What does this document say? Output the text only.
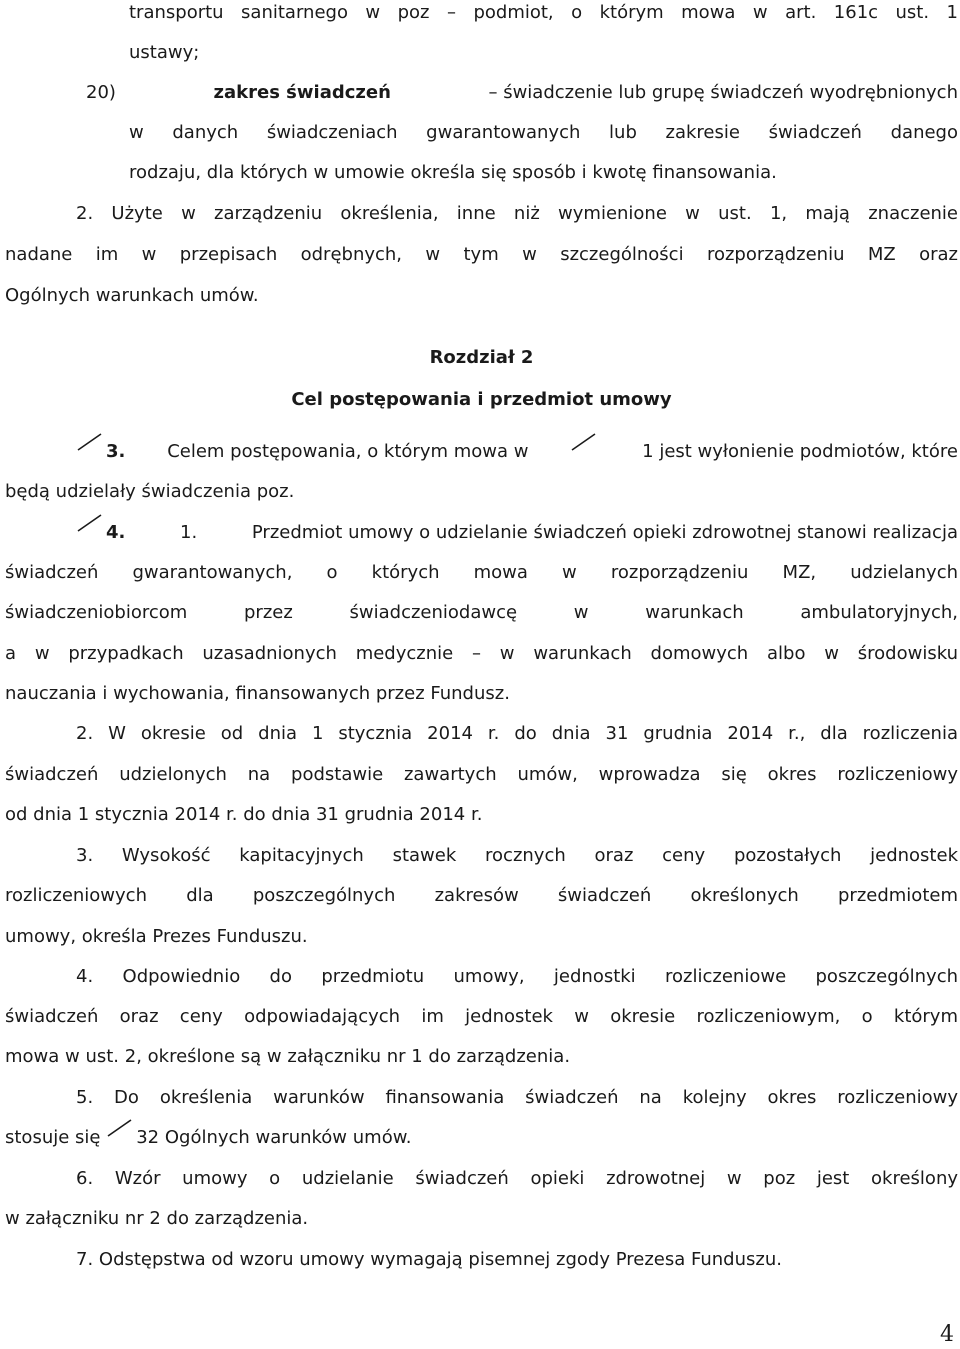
transportu sanitarnego w poz – podmiot, o którym mowa w art. 161c ust. 1
ustawy;
20)	zakres świadczeń	– świadczenie lub grupę świadczeń wyodrębnionych
w danych świadczeniach gwarantowanych lub zakresie świadczeń danego
rodzaju, dla których w umowie określa się sposób i kwotę finansowania.
2. Użyte w zarządzeniu określenia, inne niż wymienione w ust. 1, mają znaczenie
nadane im w przepisach odrębnych, w tym w szczególności rozporządzeniu MZ oraz
Ogólnych warunkach umów.
Rozdział 2
Cel postępowania i przedmiot umowy
3. Celem postępowania, o którym mowa w	1 jest wyłonienie podmiotów, które
będą udzielały świadczenia poz.
4.	1.	Przedmiot umowy o udzielanie świadczeń opieki zdrowotnej stanowi realizacja
świadczeń gwarantowanych, o których mowa w rozporządzeniu MZ, udzielanych
świadczeniobiorcom przez świadczeniodawcę w warunkach ambulatoryjnych,
a w przypadkach uzasadnionych medycznie – w warunkach domowych albo w środowisku
nauczania i wychowania, finansowanych przez Fundusz.
2. W okresie od dnia 1 stycznia 2014 r. do dnia 31 grudnia 2014 r., dla rozliczenia
świadczeń udzielonych na podstawie zawartych umów, wprowadza się okres rozliczeniowy
od dnia 1 stycznia 2014 r. do dnia 31 grudnia 2014 r.
3. Wysokość kapitacyjnych stawek rocznych oraz ceny pozostałych jednostek
rozliczeniowych dla poszczególnych zakresów świadczeń określonych przedmiotem
umowy, określa Prezes Funduszu.
4. Odpowiednio do przedmiotu umowy, jednostki rozliczeniowe poszczególnych
świadczeń oraz ceny odpowiadających im jednostek w okresie rozliczeniowym, o którym
mowa w ust. 2, określone są w załączniku nr 1 do zarządzenia.
5. Do określenia warunków finansowania świadczeń na kolejny okres rozliczeniowy
stosuje się 32 Ogólnych warunków umów.
6. Wzór umowy o udzielanie świadczeń opieki zdrowotnej w poz jest określony
w załączniku nr 2 do zarządzenia.
7. Odstępstwa od wzoru umowy wymagają pisemnej zgody Prezesa Funduszu.
4
